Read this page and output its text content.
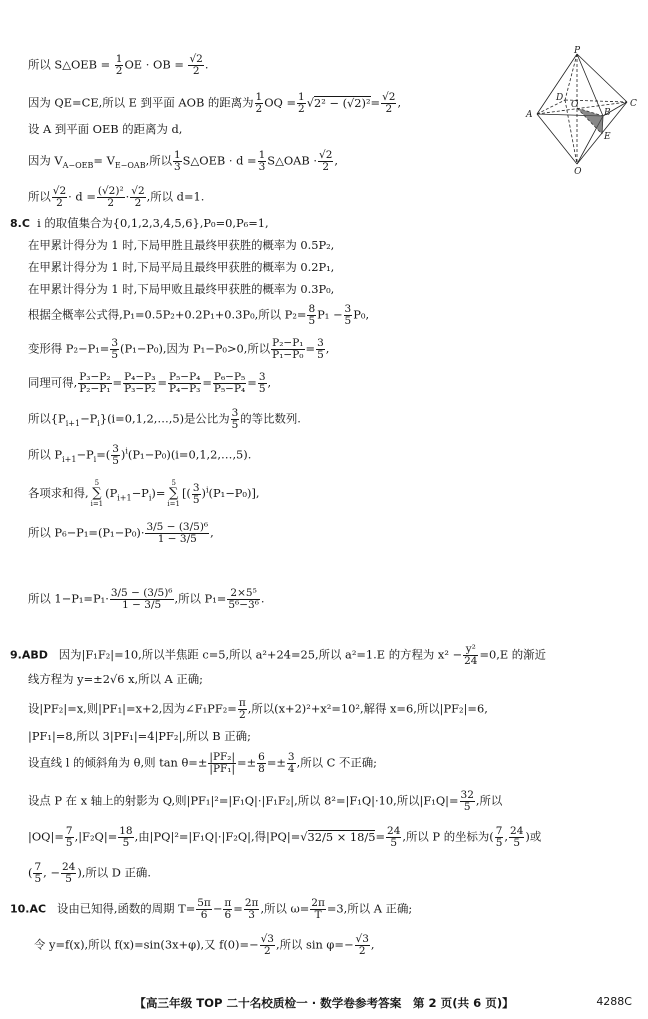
P
A
C
Q
D
O
B
E
所以 S△OEB = $\frac{1}{2}$ OE · OB = $\frac{√2}{2}$ .
因为 QE=CE,所以 E 到平面 AOB 的距离为 $\frac{1}{2}$ OQ = $\frac{1}{2} √2^2 - (√2)^2= \frac{√2}{2}$ ,
设 A 到平面 OEB 的距离为 d,
因为 $V_{A-OEB}= V_{E-OAB}$,所以 $\frac{1}{3}$ S△OEB · $d = \frac{1}{3}$ S△OAB · $\frac{√2}{2}$ ,
所以 $\frac{√2}{2} \cdot d = \frac{\text{(√2)²}}{2} \cdot \frac{√2}{2}$ ,所以 d=1.
8.C i 的取值集合为{0,1,2,3,4,5,6},P₀=0,P₆=1,
在甲累计得分为 1 时,下局甲胜且最终甲获胜的概率为 0.5P₂,
在甲累计得分为 1 时,下局平局且最终甲获胜的概率为 0.2P₁,
在甲累计得分为 1 时,下局甲败且最终甲获胜的概率为 0.3P₀,
根据全概率公式得,P₁=0.5P₂+0.2P₁+0.3P₀,所以 $P_2= \frac{8}{5} P_1 - \frac{3}{5} P_0$,
变形得 $P_2-P_1= \frac{3}{5} (P_1-P_0)$,因为 P₁−P₀>0,所以 $\frac{\text{P₂−P₁}}{\text{P₁−P₀}} = \frac{3}{5}$ ,
同理可得, $\frac{\text{P₃−P₂}}{\text{P₂−P₁}} = \frac{\text{P₄−P₃}}{\text{P₃−P₂}} = \frac{\text{P₅−P₄}}{\text{P₄−P₃}} = \frac{\text{P₆−P₅}}{\text{P₅−P₄}} = \frac{3}{5}$ ,
所以$\{P_{i+1}-P_i\}(i=0,1,2,\dots,5)$是公比为 $\frac{3}{5}$ 的等比数列.
所以 $P_{i+1}-P_i=( \frac{3}{5}$ )$^i(P_1-P_0)(i=0,1,2,\dots,5)$.
各项求和得,
5
∑
i=1
$(P_{i+1}-P_i)=$
5
∑
i=1
[( $\frac{3}{5} )^i(P_1-P_0)$],
所以 $P_6-P_1=(P_1-P_0)\cdot \frac{\text{3/5 − (3/5)⁶}}{1 - 3/5}$ ,
所以 $1-P_1=P_1\cdot \frac{\text{3/5 − (3/5)⁶}}{1 - 3/5}$ ,所以 $P_1= \frac{\text{2×5⁵}}{\text{5⁶−3⁶}}$ .
9.ABD 因为|F₁F₂|=10,所以半焦距 c=5,所以 a²+24=25,所以 a²=1.E 的方程为 $x^2 - \frac{\text{y²}}{24} =0,E$ 的渐近
线方程为 y=±2√6 x,所以 A 正确;
设|PF₂|=x,则|PF₁|=x+2,因为∠F₁PF₂= $\frac{\pi}{2}$ ,所以(x+2)²+x²=10²,解得 x=6,所以|PF₂|=6,
|PF₁|=8,所以 3|PF₁|=4|PF₂|,所以 B 正确;
设直线 l 的倾斜角为 θ,则 $\tan \theta=\pm \frac{\text{|PF₂|}}{\text{|PF₁|}} =\pm \frac{6}{8} =\pm \frac{3}{4}$ ,所以 C 不正确;
设点 P 在 x 轴上的射影为 Q,则|PF₁|²=|F₁Q|·|F₁F₂|,所以 8²=|F₁Q|·10,所以$|F_1Q|= \frac{32}{5}$ ,所以
$|OQ|= \frac{7}{5} ,|F_2Q|= \frac{18}{5}$ ,由|PQ|²=|F₁Q|·|F₂Q|,得$|PQ|=√32/5 \times 18/5= \frac{24}{5}$ ,所以 P 的坐标为( $\frac{7}{5}$ , $\frac{24}{5}$ )或
( $\frac{7}{5}$ , − $\frac{24}{5}$ ),所以 D 正确.
10.AC 设由已知得,函数的周期 $T= \frac{5\pi}{6} - \frac{\pi}{6} = \frac{2\pi}{3}$ ,所以 $\omega= \frac{2\pi}{T} =3$,所以 A 正确;
令 y=f(x),所以 f(x)=sin(3x+φ),又 $f(0)=- \frac{√3}{2}$ ,所以 $\sin \varphi=- \frac{√3}{2}$ ,
【高三年级 TOP 二十名校质检一 · 数学卷参考答案　第 2 页(共 6 页)】	4288C
